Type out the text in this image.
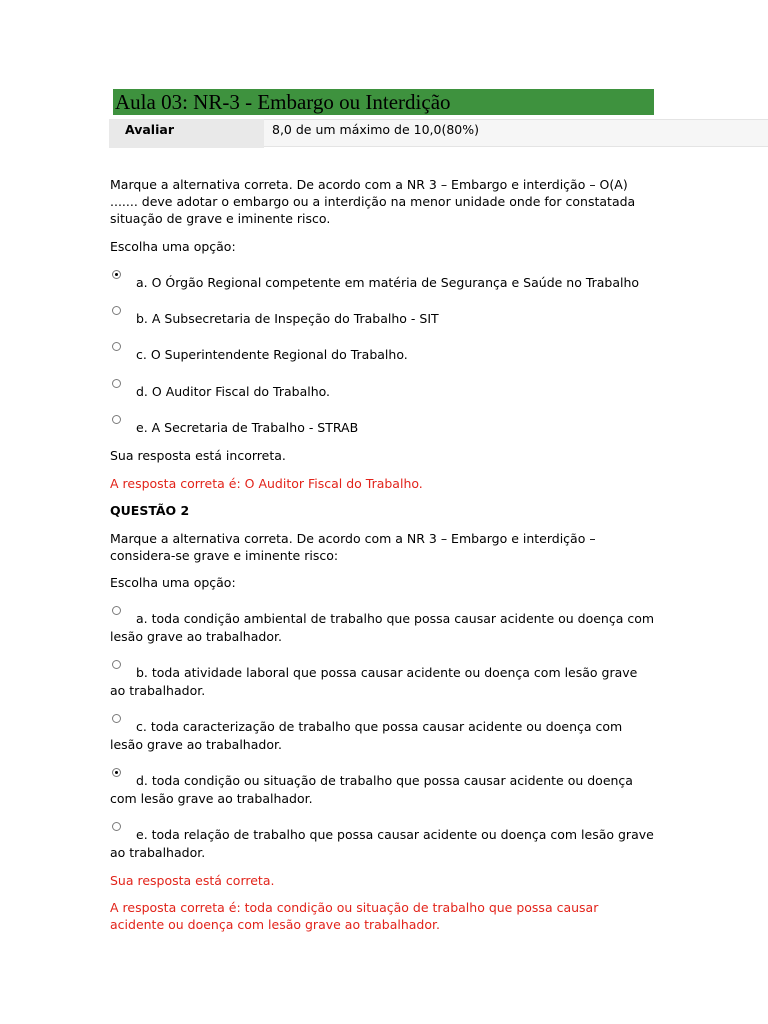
Aula 03: NR-3 - Embargo ou Interdição
Avaliar	8,0 de um máximo de 10,0(80%)
Marque a alternativa correta. De acordo com a NR 3 – Embargo e interdição – O(A) ....... deve adotar o embargo ou a interdição na menor unidade onde for constatada situação de grave e iminente risco.
Escolha uma opção:
a. O Órgão Regional competente em matéria de Segurança e Saúde no Trabalho
b. A Subsecretaria de Inspeção do Trabalho - SIT
c. O Superintendente Regional do Trabalho.
d. O Auditor Fiscal do Trabalho.
e. A Secretaria de Trabalho - STRAB
Sua resposta está incorreta.
A resposta correta é: O Auditor Fiscal do Trabalho.
QUESTÃO 2
Marque a alternativa correta. De acordo com a NR 3 – Embargo e interdição – considera-se grave e iminente risco:
Escolha uma opção:
a. toda condição ambiental de trabalho que possa causar acidente ou doença com lesão grave ao trabalhador.
b. toda atividade laboral que possa causar acidente ou doença com lesão grave ao trabalhador.
c. toda caracterização de trabalho que possa causar acidente ou doença com lesão grave ao trabalhador.
d. toda condição ou situação de trabalho que possa causar acidente ou doença com lesão grave ao trabalhador.
e. toda relação de trabalho que possa causar acidente ou doença com lesão grave ao trabalhador.
Sua resposta está correta.
A resposta correta é: toda condição ou situação de trabalho que possa causar acidente ou doença com lesão grave ao trabalhador.
